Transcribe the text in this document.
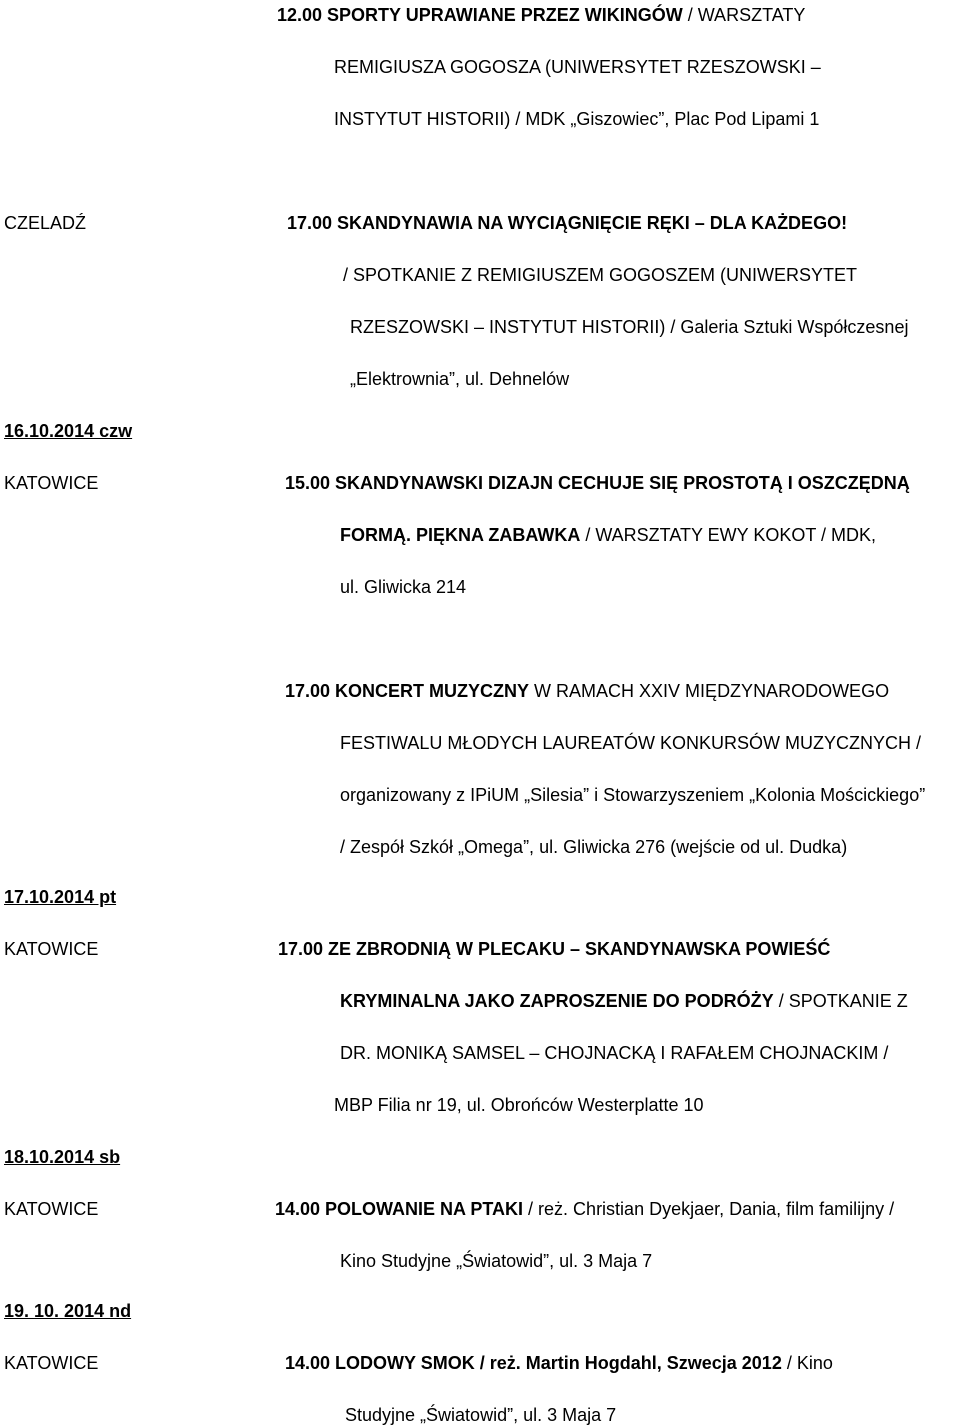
12.00 SPORTY UPRAWIANE PRZEZ WIKINGÓW / WARSZTATY
REMIGIUSZA GOGOSZA (UNIWERSYTET RZESZOWSKI –
INSTYTUT HISTORII) / MDK „Giszowiec”, Plac Pod Lipami 1
CZELADŹ	17.00 SKANDYNAWIA NA WYCIĄGNIĘCIE RĘKI – DLA KAŻDEGO!
/ SPOTKANIE Z REMIGIUSZEM GOGOSZEM (UNIWERSYTET
RZESZOWSKI – INSTYTUT HISTORII) / Galeria Sztuki Współczesnej
„Elektrownia”, ul. Dehnelów
16.10.2014 czw
KATOWICE	15.00 SKANDYNAWSKI DIZAJN CECHUJE SIĘ PROSTOTĄ I OSZCZĘDNĄ
FORMĄ. PIĘKNA ZABAWKA / WARSZTATY EWY KOKOT / MDK,
ul. Gliwicka 214
17.00 KONCERT MUZYCZNY W RAMACH XXIV MIĘDZYNARODOWEGO
FESTIWALU MŁODYCH LAUREATÓW KONKURSÓW MUZYCZNYCH /
organizowany z IPiUM „Silesia” i Stowarzyszeniem „Kolonia Mościckiego”
/ Zespół Szkół „Omega”, ul. Gliwicka 276 (wejście od ul. Dudka)
17.10.2014 pt
KATOWICE	17.00 ZE ZBRODNIĄ W PLECAKU – SKANDYNAWSKA POWIEŚĆ
KRYMINALNA JAKO ZAPROSZENIE DO PODRÓŻY / SPOTKANIE Z
DR. MONIKĄ SAMSEL – CHOJNACKĄ I RAFAŁEM CHOJNACKIM /
MBP Filia nr 19, ul. Obrońców Westerplatte 10
18.10.2014 sb
KATOWICE	14.00 POLOWANIE NA PTAKI / reż. Christian Dyekjaer, Dania, film familijny /
Kino Studyjne „Światowid”, ul. 3 Maja 7
19. 10. 2014 nd
KATOWICE	14.00 LODOWY SMOK / reż. Martin Hogdahl, Szwecja 2012 / Kino
Studyjne „Światowid”, ul. 3 Maja 7
